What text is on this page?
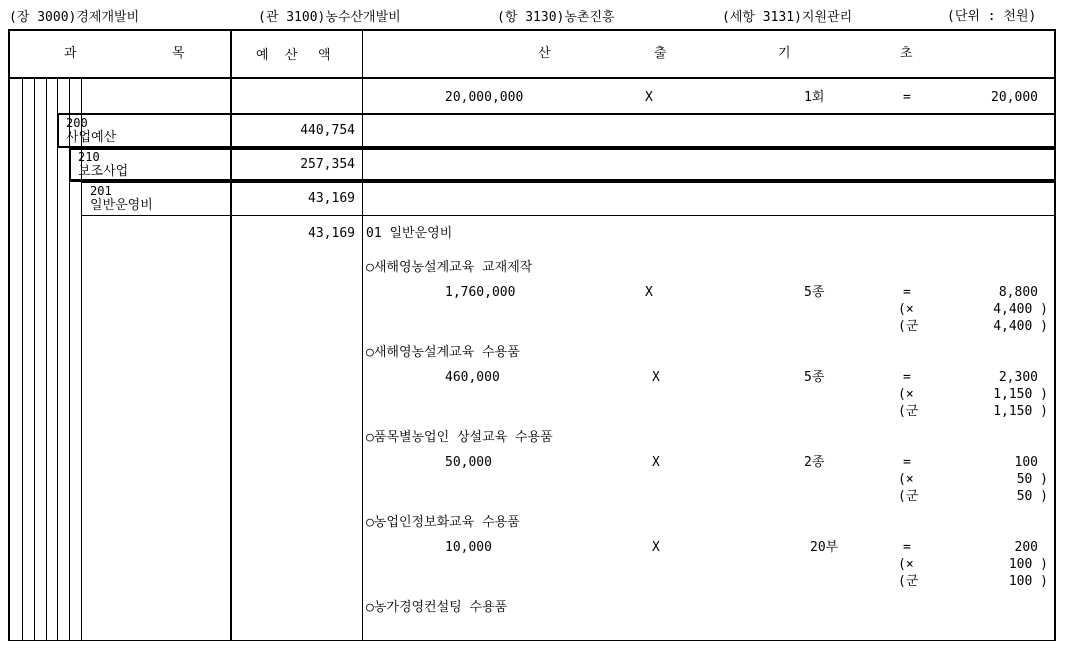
(장 3000)경제개발비	(관 3100)농수산개발비	(항 3130)농촌진흥	(세항 3131)지원관리	(단위 : 천원)
과	목	예 산 액	산	출	기	초
20,000,000	X	1회	=	20,000
200
사업예산	440,754
210
보조사업	257,354
201
일반운영비	43,169
43,169 01 일반운영비
○새해영농설계교육 교재제작
1,760,000	X	5종	=	8,800
(×	4,400 )
(군	4,400 )
○새해영농설계교육 수용품
460,000	X	5종	=	2,300
(×	1,150 )
(군	1,150 )
○품목별농업인 상설교육 수용품
50,000	X	2종	=	100
(×	50 )
(군	50 )
○농업인정보화교육 수용품
10,000	X	20부	=	200
(×	100 )
(군	100 )
○농가경영컨설팅 수용품
